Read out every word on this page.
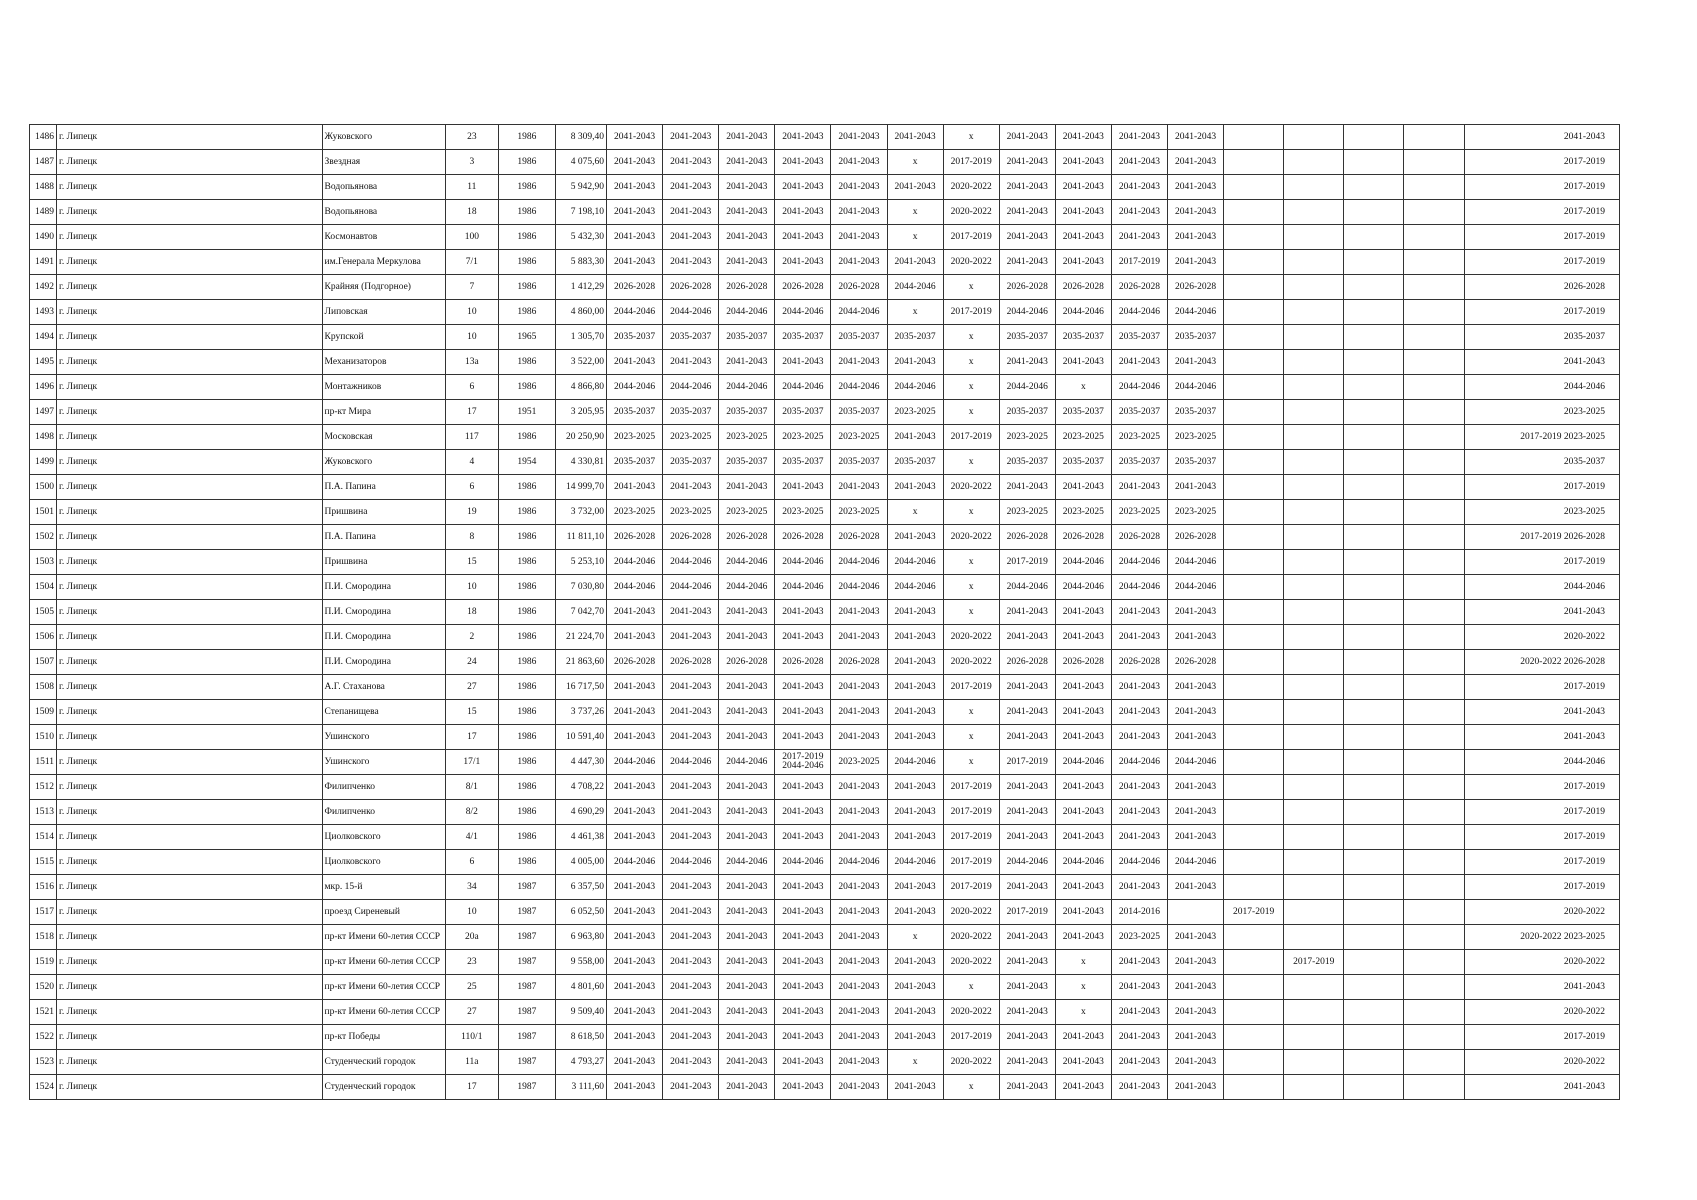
1486	г. Липецк	Жуковского	23	1986	8 309,40	2041-2043	2041-2043	2041-2043	2041-2043	2041-2043	2041-2043	х	2041-2043	2041-2043	2041-2043	2041-2043					2041-2043
1487	г. Липецк	Звездная	3	1986	4 075,60	2041-2043	2041-2043	2041-2043	2041-2043	2041-2043	х	2017-2019	2041-2043	2041-2043	2041-2043	2041-2043					2017-2019
1488	г. Липецк	Водопьянова	11	1986	5 942,90	2041-2043	2041-2043	2041-2043	2041-2043	2041-2043	2041-2043	2020-2022	2041-2043	2041-2043	2041-2043	2041-2043					2017-2019
1489	г. Липецк	Водопьянова	18	1986	7 198,10	2041-2043	2041-2043	2041-2043	2041-2043	2041-2043	х	2020-2022	2041-2043	2041-2043	2041-2043	2041-2043					2017-2019
1490	г. Липецк	Космонавтов	100	1986	5 432,30	2041-2043	2041-2043	2041-2043	2041-2043	2041-2043	х	2017-2019	2041-2043	2041-2043	2041-2043	2041-2043					2017-2019
1491	г. Липецк	им.Генерала Меркулова	7/1	1986	5 883,30	2041-2043	2041-2043	2041-2043	2041-2043	2041-2043	2041-2043	2020-2022	2041-2043	2041-2043	2017-2019	2041-2043					2017-2019
1492	г. Липецк	Крайняя (Подгорное)	7	1986	1 412,29	2026-2028	2026-2028	2026-2028	2026-2028	2026-2028	2044-2046	х	2026-2028	2026-2028	2026-2028	2026-2028					2026-2028
1493	г. Липецк	Липовская	10	1986	4 860,00	2044-2046	2044-2046	2044-2046	2044-2046	2044-2046	х	2017-2019	2044-2046	2044-2046	2044-2046	2044-2046					2017-2019
1494	г. Липецк	Крупской	10	1965	1 305,70	2035-2037	2035-2037	2035-2037	2035-2037	2035-2037	2035-2037	х	2035-2037	2035-2037	2035-2037	2035-2037					2035-2037
1495	г. Липецк	Механизаторов	13а	1986	3 522,00	2041-2043	2041-2043	2041-2043	2041-2043	2041-2043	2041-2043	х	2041-2043	2041-2043	2041-2043	2041-2043					2041-2043
1496	г. Липецк	Монтажников	6	1986	4 866,80	2044-2046	2044-2046	2044-2046	2044-2046	2044-2046	2044-2046	х	2044-2046	х	2044-2046	2044-2046					2044-2046
1497	г. Липецк	пр-кт Мира	17	1951	3 205,95	2035-2037	2035-2037	2035-2037	2035-2037	2035-2037	2023-2025	х	2035-2037	2035-2037	2035-2037	2035-2037					2023-2025
1498	г. Липецк	Московская	117	1986	20 250,90	2023-2025	2023-2025	2023-2025	2023-2025	2023-2025	2041-2043	2017-2019	2023-2025	2023-2025	2023-2025	2023-2025					2017-2019 2023-2025
1499	г. Липецк	Жуковского	4	1954	4 330,81	2035-2037	2035-2037	2035-2037	2035-2037	2035-2037	2035-2037	х	2035-2037	2035-2037	2035-2037	2035-2037					2035-2037
1500	г. Липецк	П.А. Папина	6	1986	14 999,70	2041-2043	2041-2043	2041-2043	2041-2043	2041-2043	2041-2043	2020-2022	2041-2043	2041-2043	2041-2043	2041-2043					2017-2019
1501	г. Липецк	Пришвина	19	1986	3 732,00	2023-2025	2023-2025	2023-2025	2023-2025	2023-2025	х	х	2023-2025	2023-2025	2023-2025	2023-2025					2023-2025
1502	г. Липецк	П.А. Папина	8	1986	11 811,10	2026-2028	2026-2028	2026-2028	2026-2028	2026-2028	2041-2043	2020-2022	2026-2028	2026-2028	2026-2028	2026-2028					2017-2019 2026-2028
1503	г. Липецк	Пришвина	15	1986	5 253,10	2044-2046	2044-2046	2044-2046	2044-2046	2044-2046	2044-2046	х	2017-2019	2044-2046	2044-2046	2044-2046					2017-2019
1504	г. Липецк	П.И. Смородина	10	1986	7 030,80	2044-2046	2044-2046	2044-2046	2044-2046	2044-2046	2044-2046	х	2044-2046	2044-2046	2044-2046	2044-2046					2044-2046
1505	г. Липецк	П.И. Смородина	18	1986	7 042,70	2041-2043	2041-2043	2041-2043	2041-2043	2041-2043	2041-2043	х	2041-2043	2041-2043	2041-2043	2041-2043					2041-2043
1506	г. Липецк	П.И. Смородина	2	1986	21 224,70	2041-2043	2041-2043	2041-2043	2041-2043	2041-2043	2041-2043	2020-2022	2041-2043	2041-2043	2041-2043	2041-2043					2020-2022
1507	г. Липецк	П.И. Смородина	24	1986	21 863,60	2026-2028	2026-2028	2026-2028	2026-2028	2026-2028	2041-2043	2020-2022	2026-2028	2026-2028	2026-2028	2026-2028					2020-2022 2026-2028
1508	г. Липецк	А.Г. Стаханова	27	1986	16 717,50	2041-2043	2041-2043	2041-2043	2041-2043	2041-2043	2041-2043	2017-2019	2041-2043	2041-2043	2041-2043	2041-2043					2017-2019
1509	г. Липецк	Степанищева	15	1986	3 737,26	2041-2043	2041-2043	2041-2043	2041-2043	2041-2043	2041-2043	х	2041-2043	2041-2043	2041-2043	2041-2043					2041-2043
1510	г. Липецк	Ушинского	17	1986	10 591,40	2041-2043	2041-2043	2041-2043	2041-2043	2041-2043	2041-2043	х	2041-2043	2041-2043	2041-2043	2041-2043					2041-2043
1511	г. Липецк	Ушинского	17/1	1986	4 447,30	2044-2046	2044-2046	2044-2046	2017-2019 2044-2046	2023-2025	2044-2046	х	2017-2019	2044-2046	2044-2046	2044-2046					2044-2046
1512	г. Липецк	Филипченко	8/1	1986	4 708,22	2041-2043	2041-2043	2041-2043	2041-2043	2041-2043	2041-2043	2017-2019	2041-2043	2041-2043	2041-2043	2041-2043					2017-2019
1513	г. Липецк	Филипченко	8/2	1986	4 690,29	2041-2043	2041-2043	2041-2043	2041-2043	2041-2043	2041-2043	2017-2019	2041-2043	2041-2043	2041-2043	2041-2043					2017-2019
1514	г. Липецк	Циолковского	4/1	1986	4 461,38	2041-2043	2041-2043	2041-2043	2041-2043	2041-2043	2041-2043	2017-2019	2041-2043	2041-2043	2041-2043	2041-2043					2017-2019
1515	г. Липецк	Циолковского	6	1986	4 005,00	2044-2046	2044-2046	2044-2046	2044-2046	2044-2046	2044-2046	2017-2019	2044-2046	2044-2046	2044-2046	2044-2046					2017-2019
1516	г. Липецк	мкр. 15-й	34	1987	6 357,50	2041-2043	2041-2043	2041-2043	2041-2043	2041-2043	2041-2043	2017-2019	2041-2043	2041-2043	2041-2043	2041-2043					2017-2019
1517	г. Липецк	проезд Сиреневый	10	1987	6 052,50	2041-2043	2041-2043	2041-2043	2041-2043	2041-2043	2041-2043	2020-2022	2017-2019	2041-2043	2014-2016		2017-2019				2020-2022
1518	г. Липецк	пр-кт Имени 60-летия СССР	20а	1987	6 963,80	2041-2043	2041-2043	2041-2043	2041-2043	2041-2043	х	2020-2022	2041-2043	2041-2043	2023-2025	2041-2043					2020-2022 2023-2025
1519	г. Липецк	пр-кт Имени 60-летия СССР	23	1987	9 558,00	2041-2043	2041-2043	2041-2043	2041-2043	2041-2043	2041-2043	2020-2022	2041-2043	х	2041-2043	2041-2043		2017-2019			2020-2022
1520	г. Липецк	пр-кт Имени 60-летия СССР	25	1987	4 801,60	2041-2043	2041-2043	2041-2043	2041-2043	2041-2043	2041-2043	х	2041-2043	х	2041-2043	2041-2043					2041-2043
1521	г. Липецк	пр-кт Имени 60-летия СССР	27	1987	9 509,40	2041-2043	2041-2043	2041-2043	2041-2043	2041-2043	2041-2043	2020-2022	2041-2043	х	2041-2043	2041-2043					2020-2022
1522	г. Липецк	пр-кт Победы	110/1	1987	8 618,50	2041-2043	2041-2043	2041-2043	2041-2043	2041-2043	2041-2043	2017-2019	2041-2043	2041-2043	2041-2043	2041-2043					2017-2019
1523	г. Липецк	Студенческий городок	11а	1987	4 793,27	2041-2043	2041-2043	2041-2043	2041-2043	2041-2043	х	2020-2022	2041-2043	2041-2043	2041-2043	2041-2043					2020-2022
1524	г. Липецк	Студенческий городок	17	1987	3 111,60	2041-2043	2041-2043	2041-2043	2041-2043	2041-2043	2041-2043	х	2041-2043	2041-2043	2041-2043	2041-2043					2041-2043
